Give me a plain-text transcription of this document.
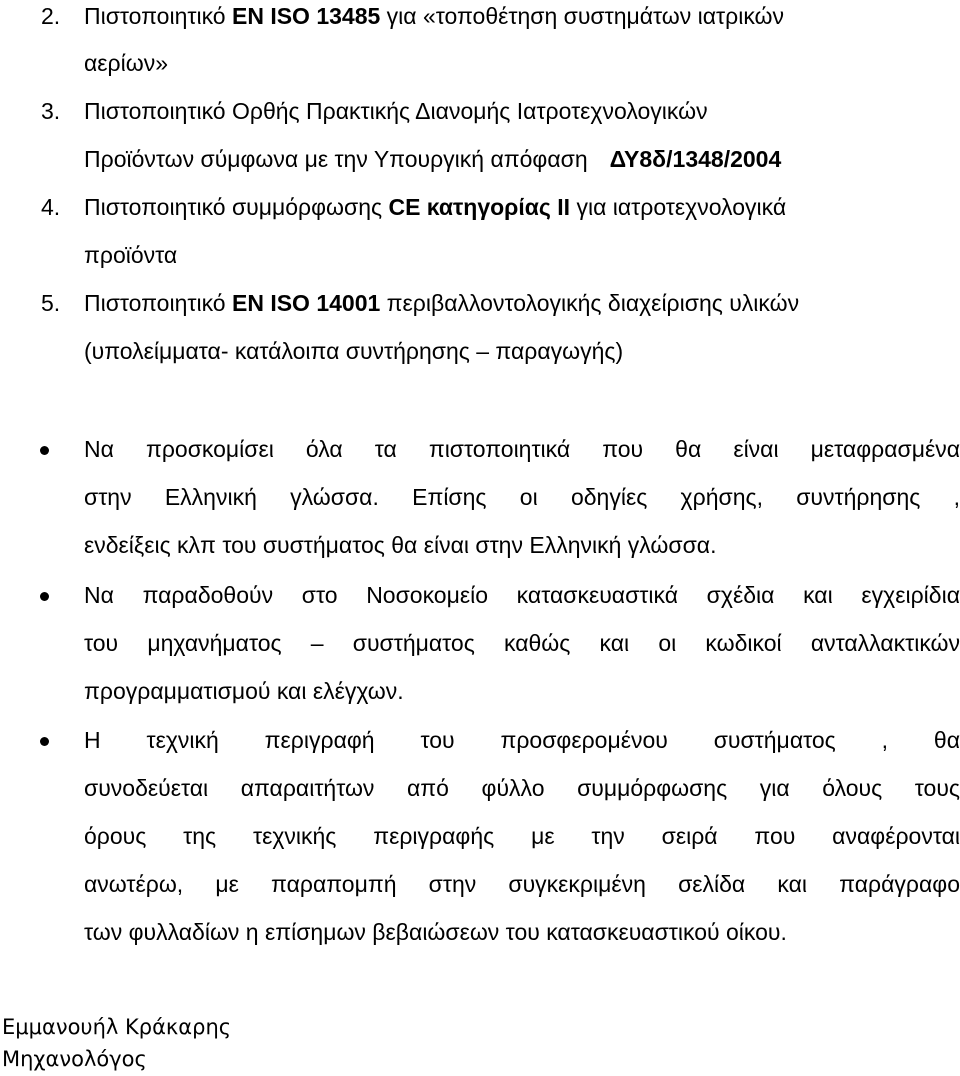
2. Πιστοποιητικό EN ISO 13485 για «τοποθέτηση συστημάτων ιατρικών
αερίων»
3. Πιστοποιητικό Ορθής Πρακτικής Διανομής Ιατροτεχνολογικών
Προϊόντων σύμφωνα με την Υπουργική απόφαση ΔΥ8δ/1348/2004
4. Πιστοποιητικό συμμόρφωσης CE κατηγορίας II για ιατροτεχνολογικά
προϊόντα
5. Πιστοποιητικό EN ISO 14001 περιβαλλοντολογικής διαχείρισης υλικών
(υπολείμματα- κατάλοιπα συντήρησης – παραγωγής)
Να προσκομίσει όλα τα πιστοποιητικά που θα είναι μεταφρασμένα
στην Ελληνική γλώσσα. Επίσης οι οδηγίες χρήσης, συντήρησης ,
ενδείξεις κλπ του συστήματος θα είναι στην Ελληνική γλώσσα.
Να παραδοθούν στο Νοσοκομείο κατασκευαστικά σχέδια και εγχειρίδια
του μηχανήματος – συστήματος καθώς και οι κωδικοί ανταλλακτικών
προγραμματισμού και ελέγχων.
Η τεχνική περιγραφή του προσφερομένου συστήματος , θα
συνοδεύεται απαραιτήτων από φύλλο συμμόρφωσης για όλους τους
όρους της τεχνικής περιγραφής με την σειρά που αναφέρονται
ανωτέρω, με παραπομπή στην συγκεκριμένη σελίδα και παράγραφο
των φυλλαδίων η επίσημων βεβαιώσεων του κατασκευαστικού οίκου.
Εμμανουήλ Κράκαρης
Μηχανολόγος
